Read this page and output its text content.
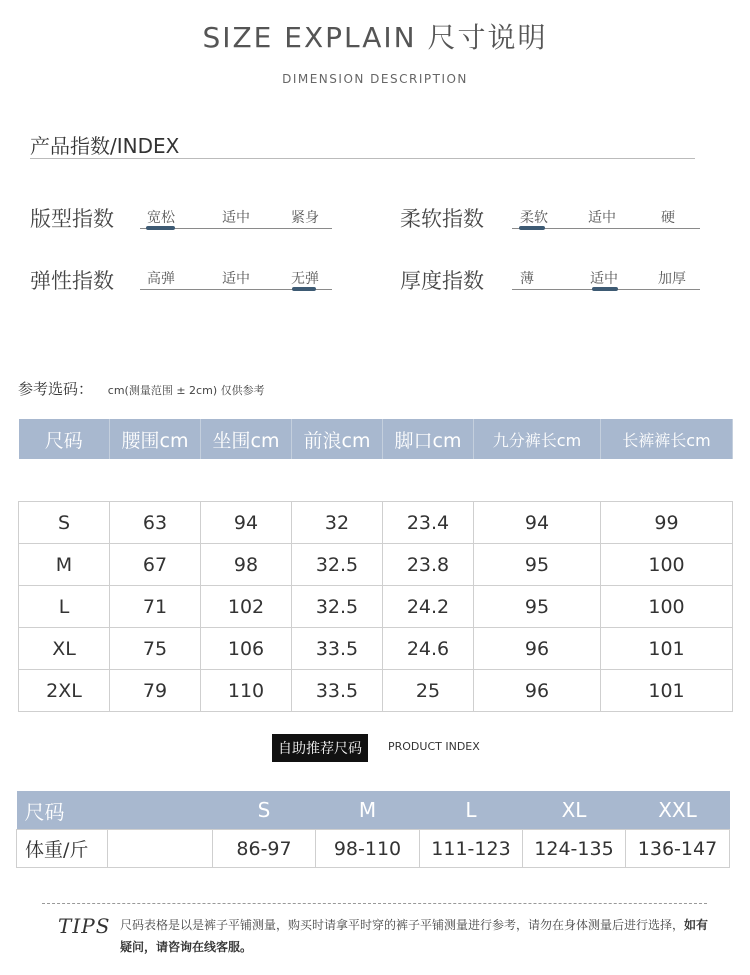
SIZE EXPLAIN 尺寸说明
DIMENSION DESCRIPTION
产品指数/INDEX
版型指数 宽松	适中	紧身	柔软指数	柔软	适中	硬
弹性指数 高弹	适中	无弹	厚度指数	薄	适中	加厚
参考选码： cm(测量范围 ± 2cm) 仅供参考
尺码	腰围cm	坐围cm	前浪cm	脚口cm	九分裤长cm	长裤裤长cm

S	63	94	32	23.4	94	99
M	67	98	32.5	23.8	95	100
L	71	102	32.5	24.2	95	100
XL	75	106	33.5	24.6	96	101
2XL	79	110	33.5	25	96	101
自助推荐尺码	PRODUCT INDEX
尺码		S	M	L	XL	XXL
体重/斤		86-97	98-110	111-123	124-135	136-147
TIPS 尺码表格是以是裤子平铺测量，购买时请拿平时穿的裤子平铺测量进行参考，请勿在身体测量后进行选择，如有疑问，请咨询在线客服。
